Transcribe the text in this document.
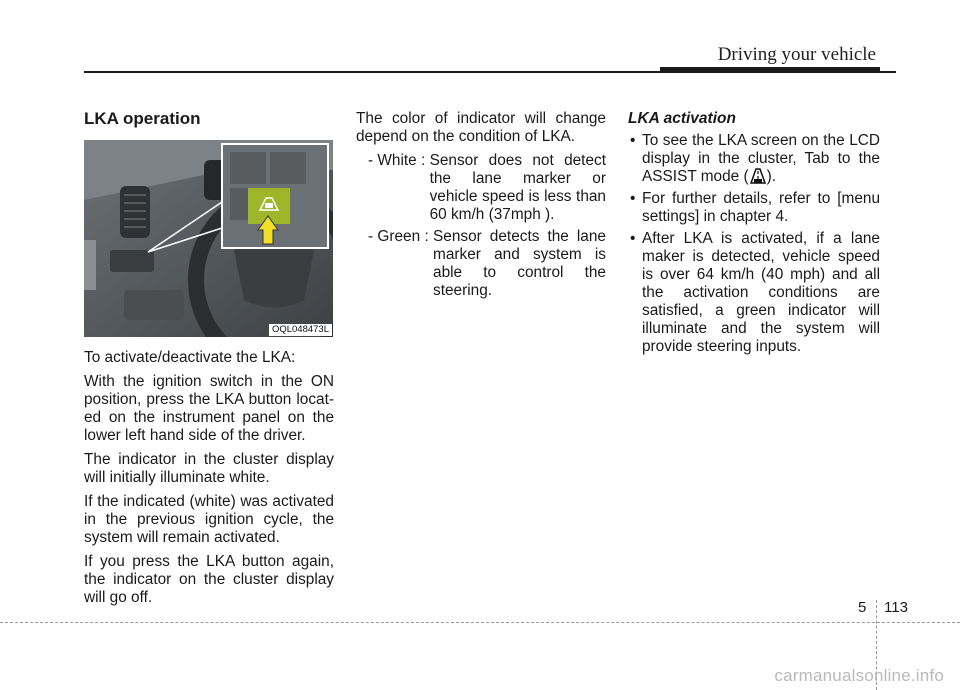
Driving your vehicle
LKA operation
OQL048473L

To activate/deactivate the LKA:

With the ignition switch in the ON position, press the LKA button locat- ed on the instrument panel on the lower left hand side of the driver.

The indicator in the cluster display will initially illuminate white.

If the indicated (white) was activated in the previous ignition cycle, the system will remain activated.

If you press the LKA button again, the indicator on the cluster display will go off.

The color of indicator will change depend on the condition of LKA.

- White : Sensor does not detect the lane marker or vehicle speed is less than 60 km/h (37mph ).
- Green : Sensor detects the lane marker and system is able to control the steering.
LKA activation
• To see the LKA screen on the LCD display in the cluster, Tab to the ASSIST mode ( ).
• For further details, refer to [menu settings] in chapter 4.
• After LKA is activated, if a lane maker is detected, vehicle speed is over 64 km/h (40 mph) and all the activation conditions are satisfied, a green indicator will illuminate and the system will provide steering inputs.
5 113
carmanualsonline.info
